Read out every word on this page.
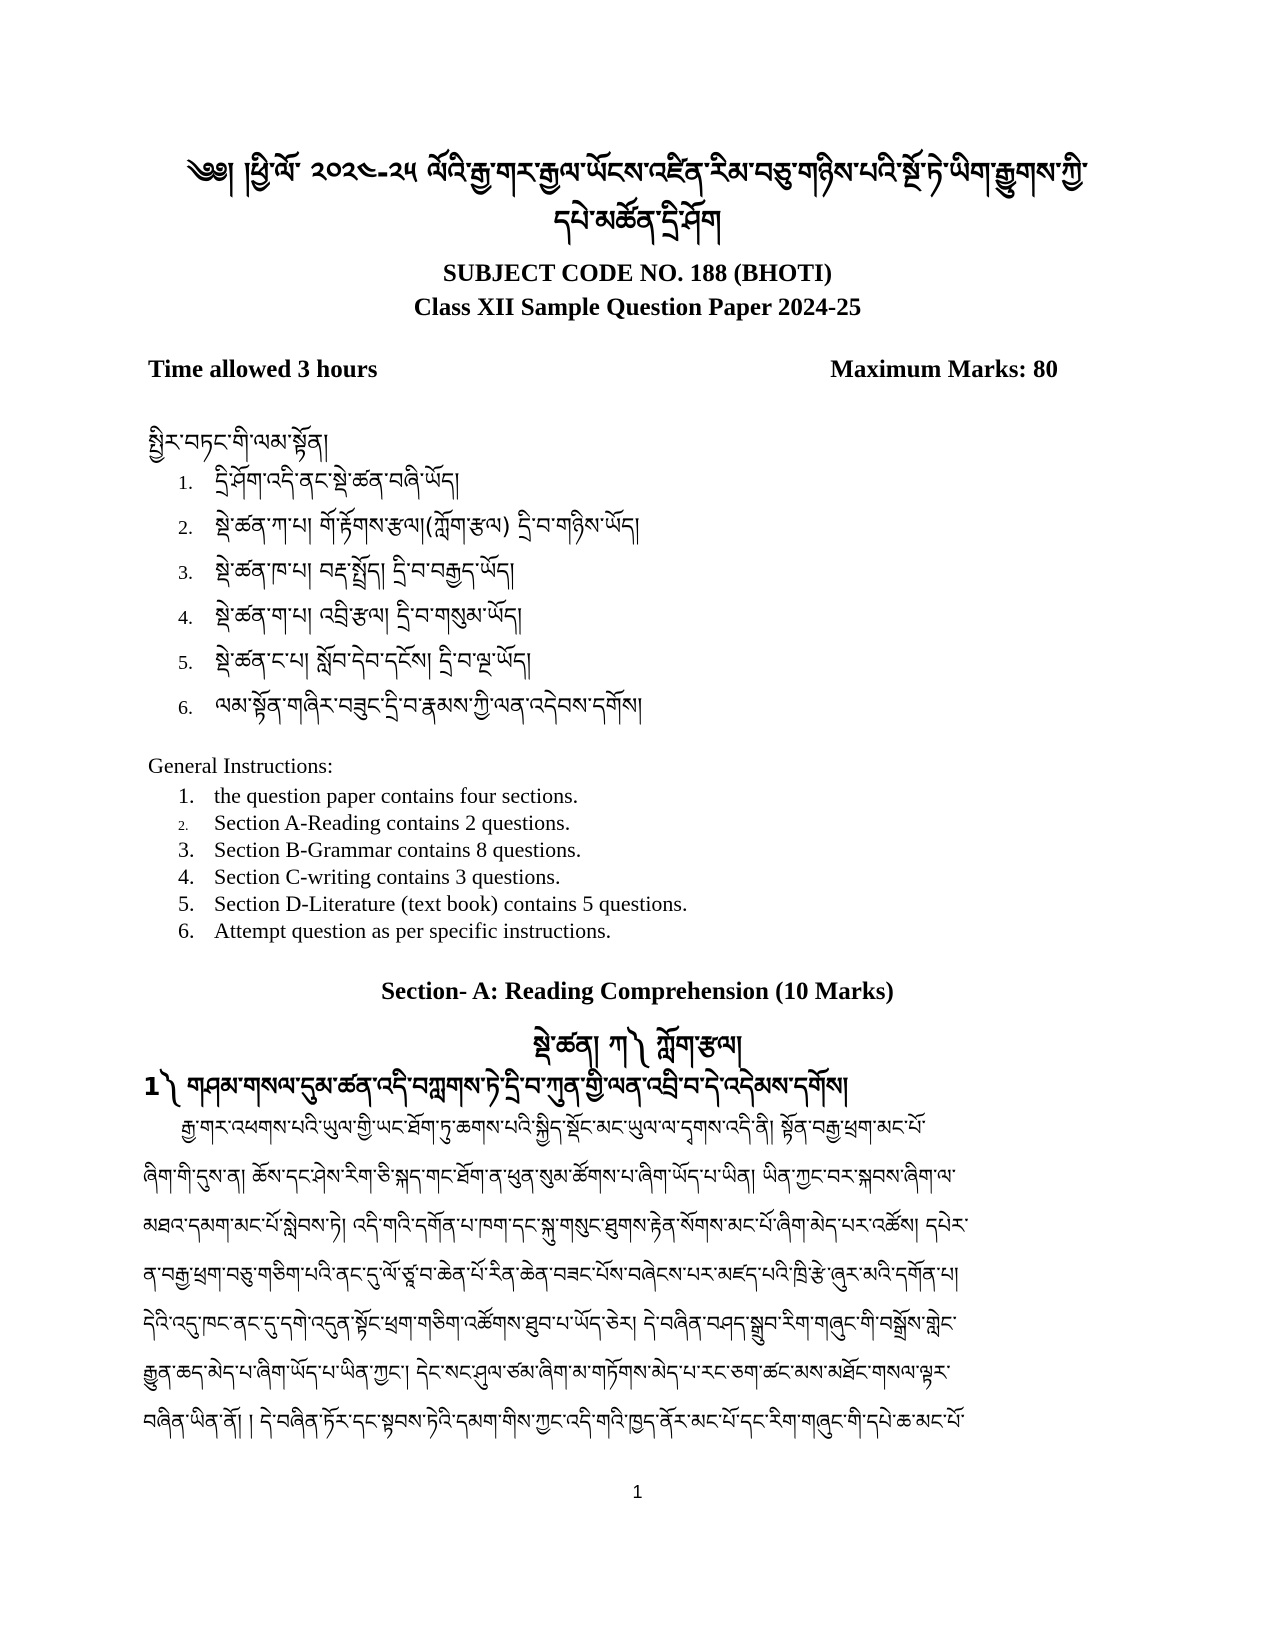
༄༅། །ཕྱི་ལོ་ ༢༠༢༤-༢༥ ལོའི་རྒྱ་གར་རྒྱལ་ཡོངས་འཛིན་རིམ་བཅུ་གཉིས་པའི་སྔོ་ཏེ་ཡིག་རྒྱུགས་ཀྱི་
དཔེ་མཚོན་དྲི་ཤོག
SUBJECT CODE NO. 188 (BHOTI)
Class XII Sample Question Paper 2024-25
Time allowed 3 hours	Maximum Marks: 80
སྤྱིར་བཏང་གི་ལམ་སྟོན།
1. དྲི་ཤོག་འདི་ནང་སྡེ་ཚན་བཞི་ཡོད།
2. སྡེ་ཚན་ཀ་པ། གོ་རྟོགས་རྩལ།(ཀློག་རྩལ) དྲི་བ་གཉིས་ཡོད།
3. སྡེ་ཚན་ཁ་པ། བརྡ་སྤྲོད། དྲི་བ་བརྒྱད་ཡོད།
4. སྡེ་ཚན་ག་པ། འབྲི་རྩལ། དྲི་བ་གསུམ་ཡོད།
5. སྡེ་ཚན་ང་པ། སློབ་དེབ་དངོས། དྲི་བ་ལྔ་ཡོད།
6. ལམ་སྟོན་གཞིར་བཟུང་དྲི་བ་རྣམས་ཀྱི་ལན་འདེབས་དགོས།
General Instructions:
1. the question paper contains four sections.
2. Section A-Reading contains 2 questions.
3. Section B-Grammar contains 8 questions.
4. Section C-writing contains 3 questions.
5. Section D-Literature (text book) contains 5 questions.
6. Attempt question as per specific instructions.
Section- A: Reading Comprehension (10 Marks)
སྡེ་ཚན། ཀ༽ ཀློག་རྩལ།
1༽ གཤམ་གསལ་དུམ་ཚན་འདི་བཀླགས་ཏེ་དྲི་བ་ཀུན་གྱི་ལན་འབྲི་བ་དེ་འདེམས་དགོས།
རྒྱ་གར་འཕགས་པའི་ཡུལ་གྱི་ཡང་ཐོག་ཏུ་ཆགས་པའི་སྐྱིད་སྡོང་མང་ཡུལ་ལ་དྭགས་འདི་ནི། སྟོན་བརྒྱ་ཕྲག་མང་པོ་
ཞིག་གི་དུས་ན། ཆོས་དང་ཤེས་རིག་ཅི་སྐད་གང་ཐོག་ན་ཕུན་སུམ་ཚོགས་པ་ཞིག་ཡོད་པ་ཡིན། ཡིན་ཀྱང་བར་སྐབས་ཞིག་ལ་
མཐའ་དམག་མང་པོ་སླེབས་ཏེ། འདི་གའི་དགོན་པ་ཁག་དང་སྐུ་གསུང་ཐུགས་རྟེན་སོགས་མང་པོ་ཞིག་མེད་པར་འཚོས། དཔེར་
ན་བརྒྱ་ཕྲག་བཅུ་གཅིག་པའི་ནང་དུ་ལོ་ཙཱ་བ་ཆེན་པོ་རིན་ཆེན་བཟང་པོས་བཞེངས་པར་མཛད་པའི་ཁྲི་རྩེ་ཞུར་མའི་དགོན་པ།
དེའི་འདུ་ཁང་ནང་དུ་དགེ་འདུན་སྟོང་ཕྲག་གཅིག་འཚོགས་ཐུབ་པ་ཡོད་ཅེར། དེ་བཞིན་བཤད་སྒྲུབ་རིག་གཞུང་གི་བསྒྲོས་གླེང་
རྒྱུན་ཆད་མེད་པ་ཞིག་ཡོད་པ་ཡིན་ཀྱང་། དེང་སང་ཤུལ་ཙམ་ཞིག་མ་གཏོགས་མེད་པ་རང་ཅག་ཚང་མས་མཐོང་གསལ་ལྟར་
བཞིན་ཡིན་ནོ། ། དེ་བཞིན་ཏོར་དང་སྟབས་ཏེའི་དམག་གིས་ཀྱང་འདི་གའི་ཁྱད་ནོར་མང་པོ་དང་རིག་གཞུང་གི་དཔེ་ཆ་མང་པོ་
1
